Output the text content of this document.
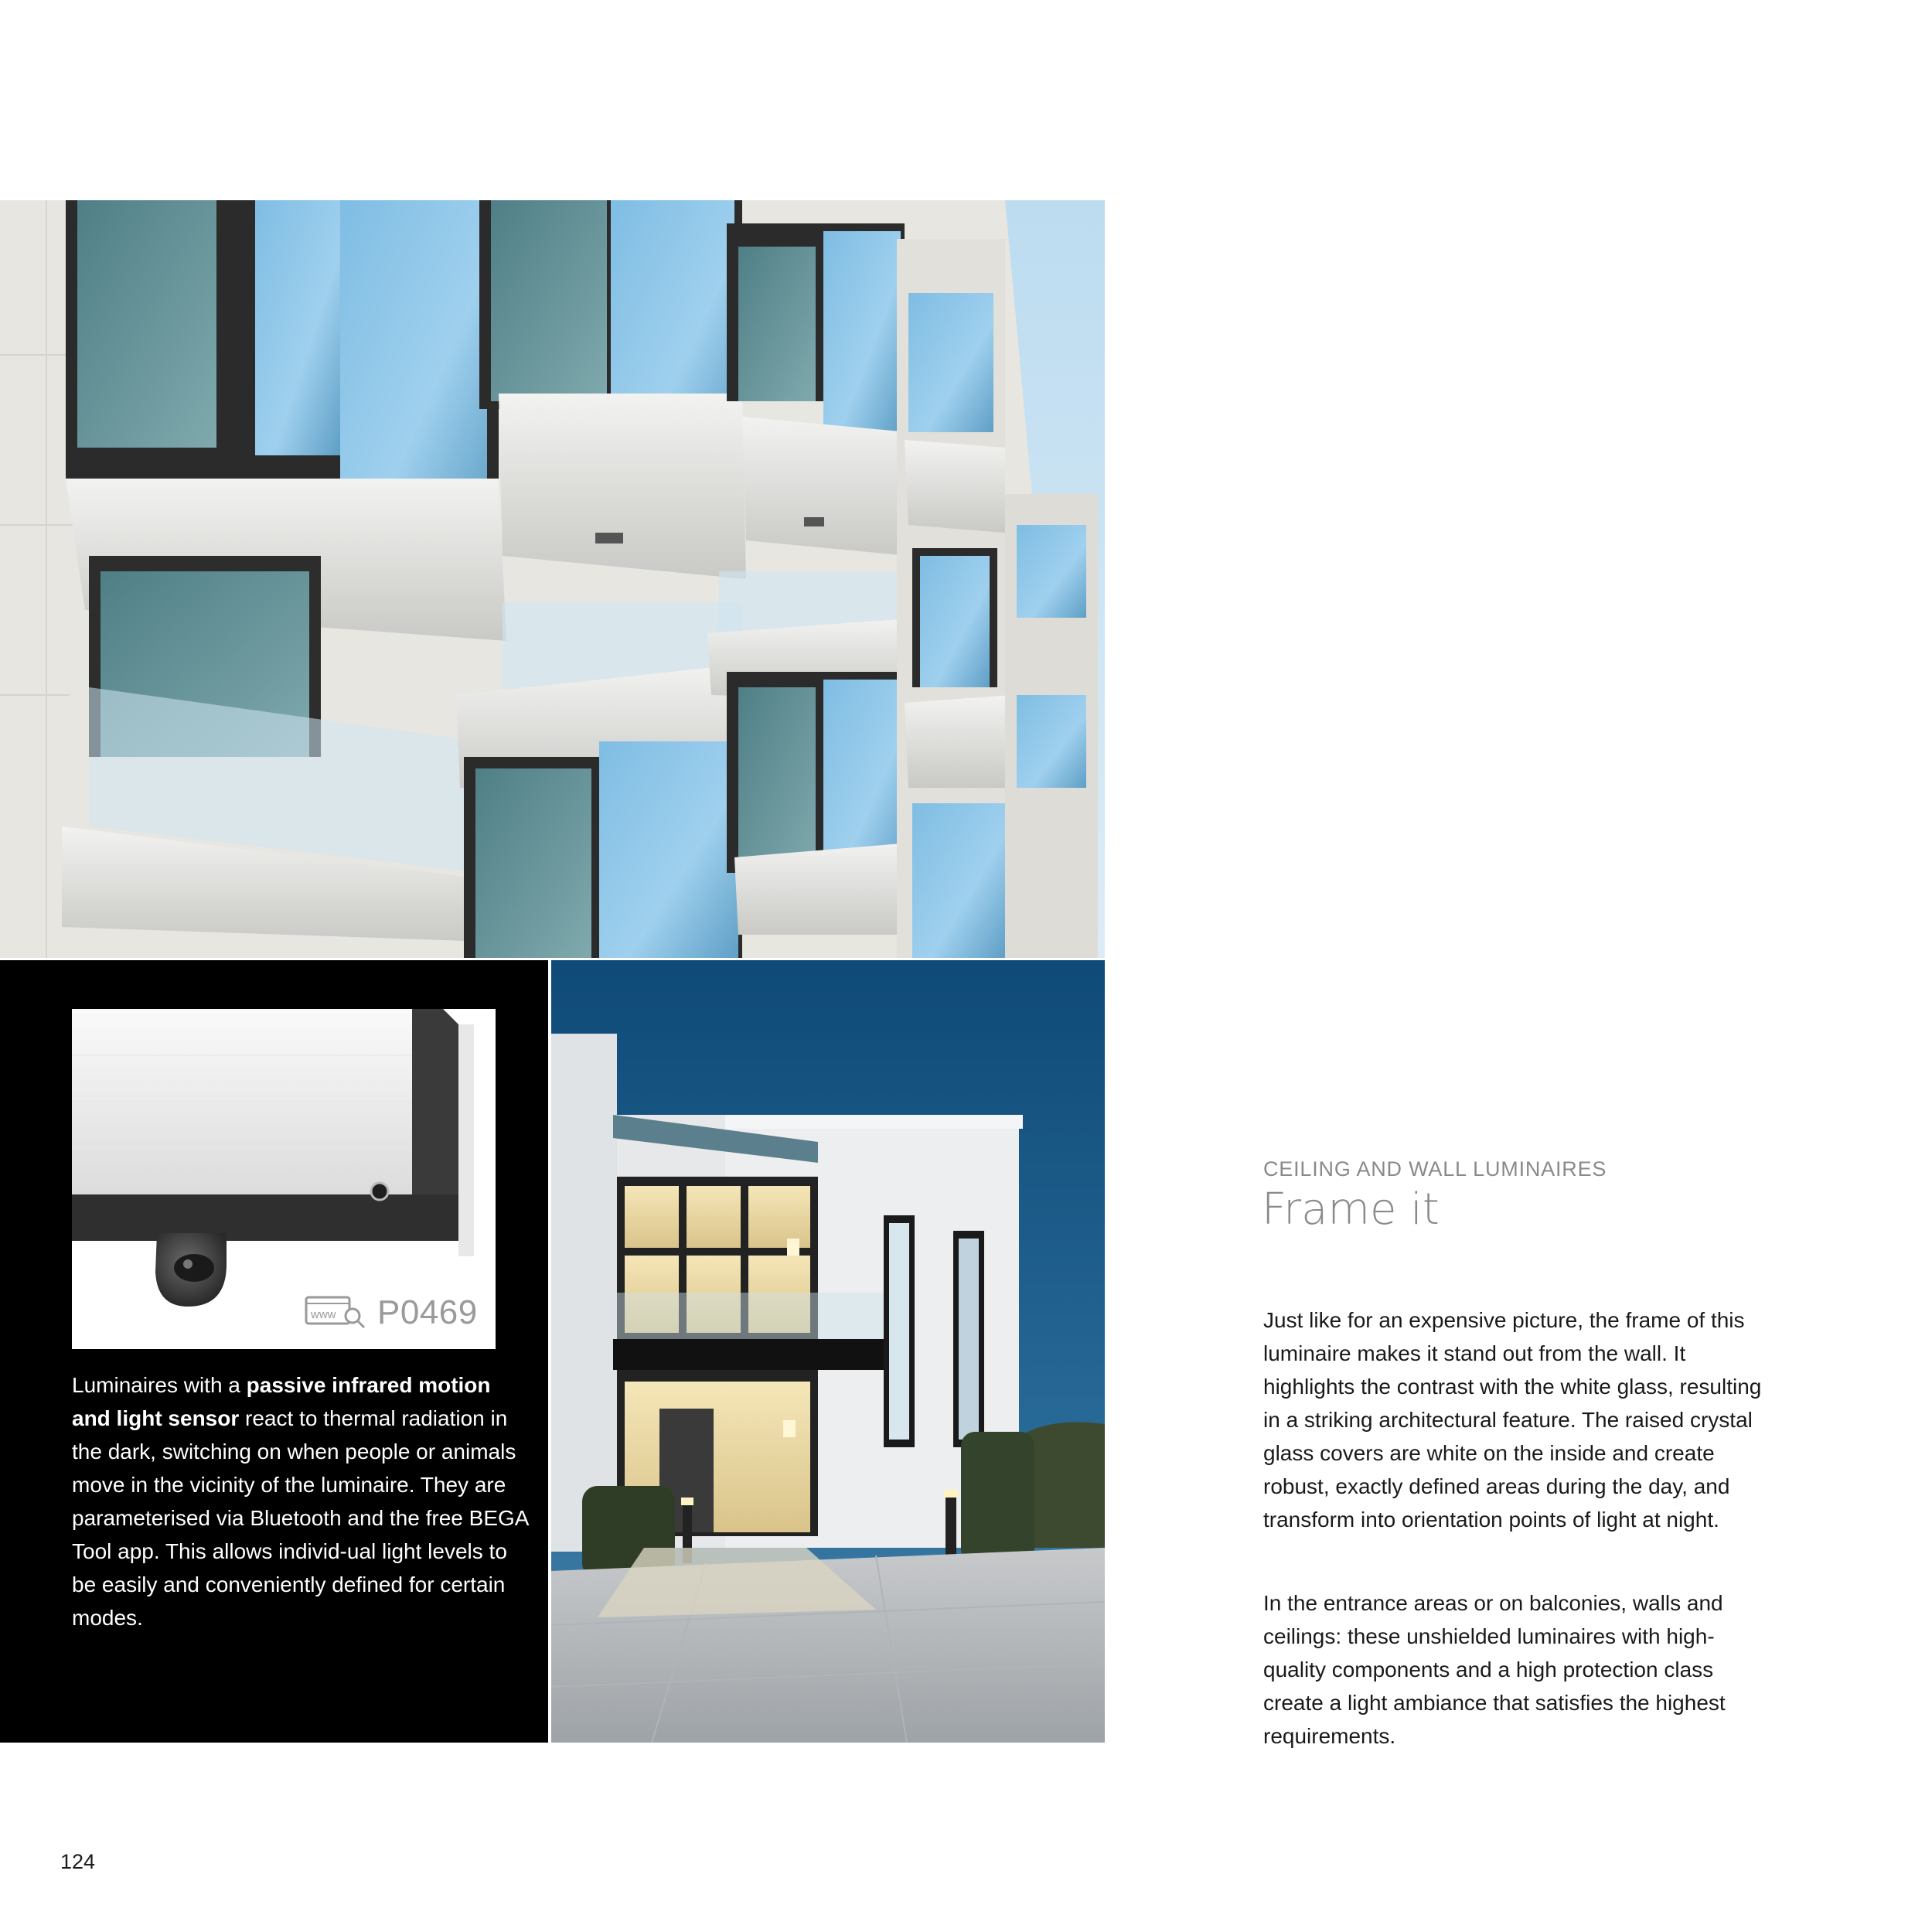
www P0469
Luminaires with a passive infrared motion and light sensor react to thermal radiation in the dark, switching on when people or animals move in the vicinity of the luminaire. They are parameterised via Bluetooth and the free BEGA Tool app. This allows individ-ual light levels to be easily and conveniently defined for certain modes.
CEILING AND WALL LUMINAIRES
Frame it
Just like for an expensive picture, the frame of this luminaire makes it stand out from the wall. It highlights the contrast with the white glass, resulting in a striking architectural feature. The raised crystal glass covers are white on the inside and create robust, exactly defined areas during the day, and transform into orientation points of light at night.
In the entrance areas or on balconies, walls and ceilings: these unshielded luminaires with high-quality components and a high protection class create a light ambiance that satisfies the highest requirements.
124
